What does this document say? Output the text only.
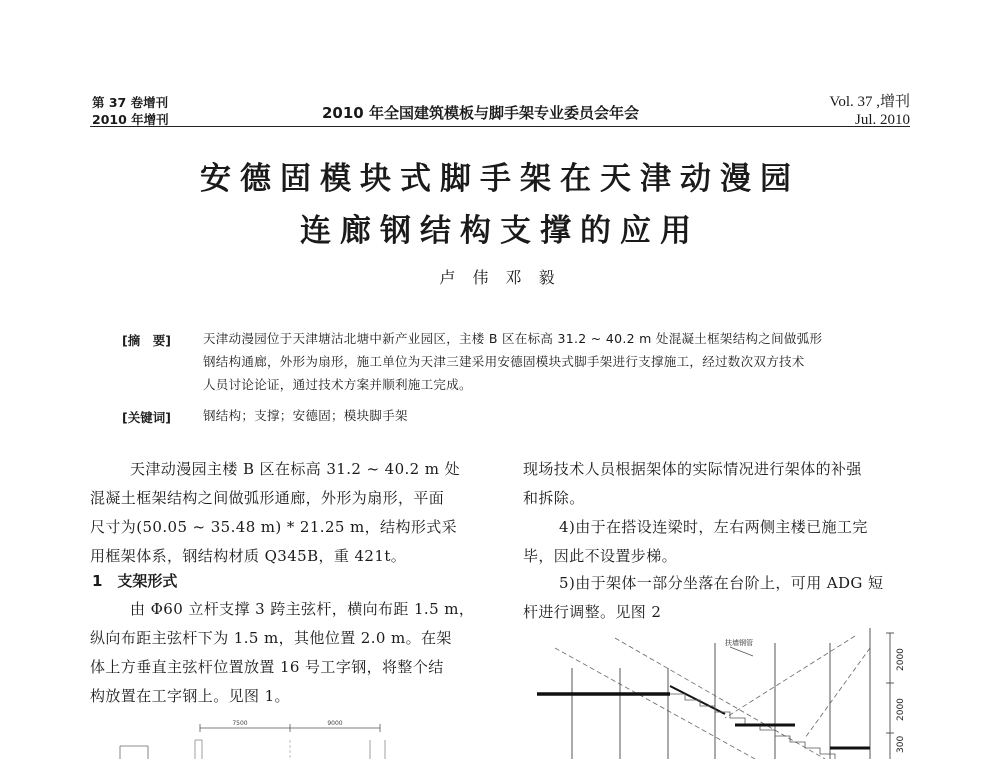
第 37 卷增刊
2010 年增刊	2010 年全国建筑模板与脚手架专业委员会年会
Vol. 37 ,增刊
Jul. 2010
安德固模块式脚手架在天津动漫园
连廊钢结构支撑的应用
卢 伟 邓 毅
[摘　要]	天津动漫园位于天津塘沽北塘中新产业园区，主楼 B 区在标高 31.2 ~ 40.2 m 处混凝土框架结构之间做弧形
钢结构通廊，外形为扇形，施工单位为天津三建采用安德固模块式脚手架进行支撑施工，经过数次双方技术
人员讨论论证，通过技术方案并顺利施工完成。
[关键词]	钢结构；支撑；安德固；模块脚手架
天津动漫园主楼 B 区在标高 31.2 ~ 40.2 m 处
混凝土框架结构之间做弧形通廊，外形为扇形，平面
尺寸为(50.05 ~ 35.48 m) * 21.25 m，结构形式采
用框架体系，钢结构材质 Q345B，重 421t。
1　支架形式
由 Φ60 立杆支撑 3 跨主弦杆，横向布距 1.5 m，
纵向布距主弦杆下为 1.5 m，其他位置 2.0 m。在架
体上方垂直主弦杆位置放置 16 号工字钢，将整个结
构放置在工字钢上。见图 1。
现场技术人员根据架体的实际情况进行架体的补强
和拆除。
4)由于在搭设连梁时，左右两侧主楼已施工完
毕，因此不设置步梯。
5)由于架体一部分坐落在台阶上，可用 ADG 短
杆进行调整。见图 2
7500	9000
扶墙钢管
2000
2000
300
